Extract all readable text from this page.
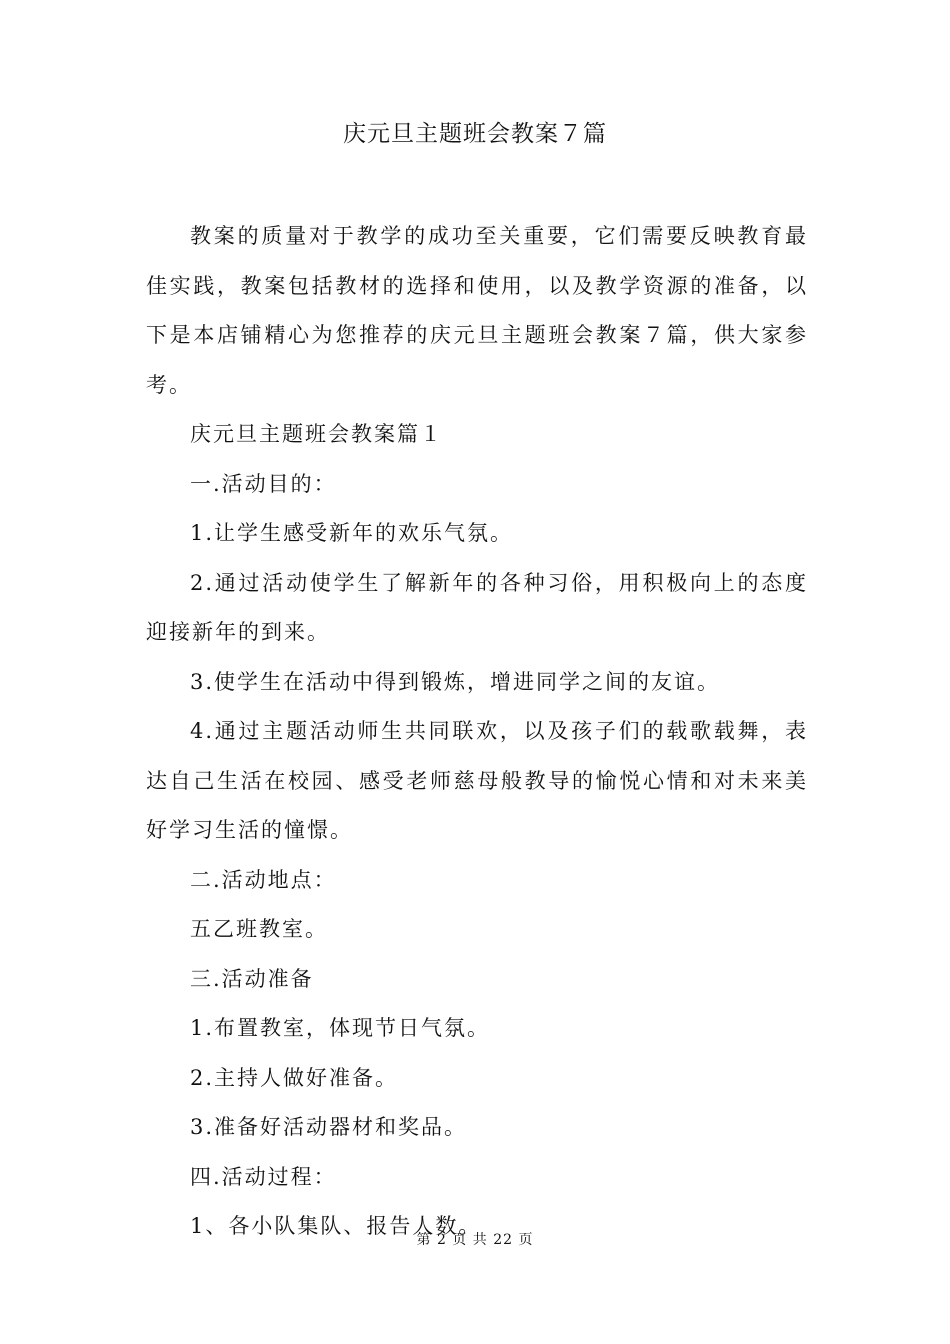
庆元旦主题班会教案７篇

教案的质量对于教学的成功至关重要，它们需要反映教育最佳实践，教案包括教材的选择和使用，以及教学资源的准备，以下是本店铺精心为您推荐的庆元旦主题班会教案７篇，供大家参考。

庆元旦主题班会教案篇１

一.活动目的：

1.让学生感受新年的欢乐气氛。

2.通过活动使学生了解新年的各种习俗，用积极向上的态度迎接新年的到来。

3.使学生在活动中得到锻炼，增进同学之间的友谊。

4.通过主题活动师生共同联欢，以及孩子们的载歌载舞，表达自己生活在校园、感受老师慈母般教导的愉悦心情和对未来美好学习生活的憧憬。

二.活动地点：

五乙班教室。

三.活动准备

1.布置教室，体现节日气氛。

2.主持人做好准备。

3.准备好活动器材和奖品。

四.活动过程：

1、各小队集队、报告人数。

第 2 页 共 22 页
